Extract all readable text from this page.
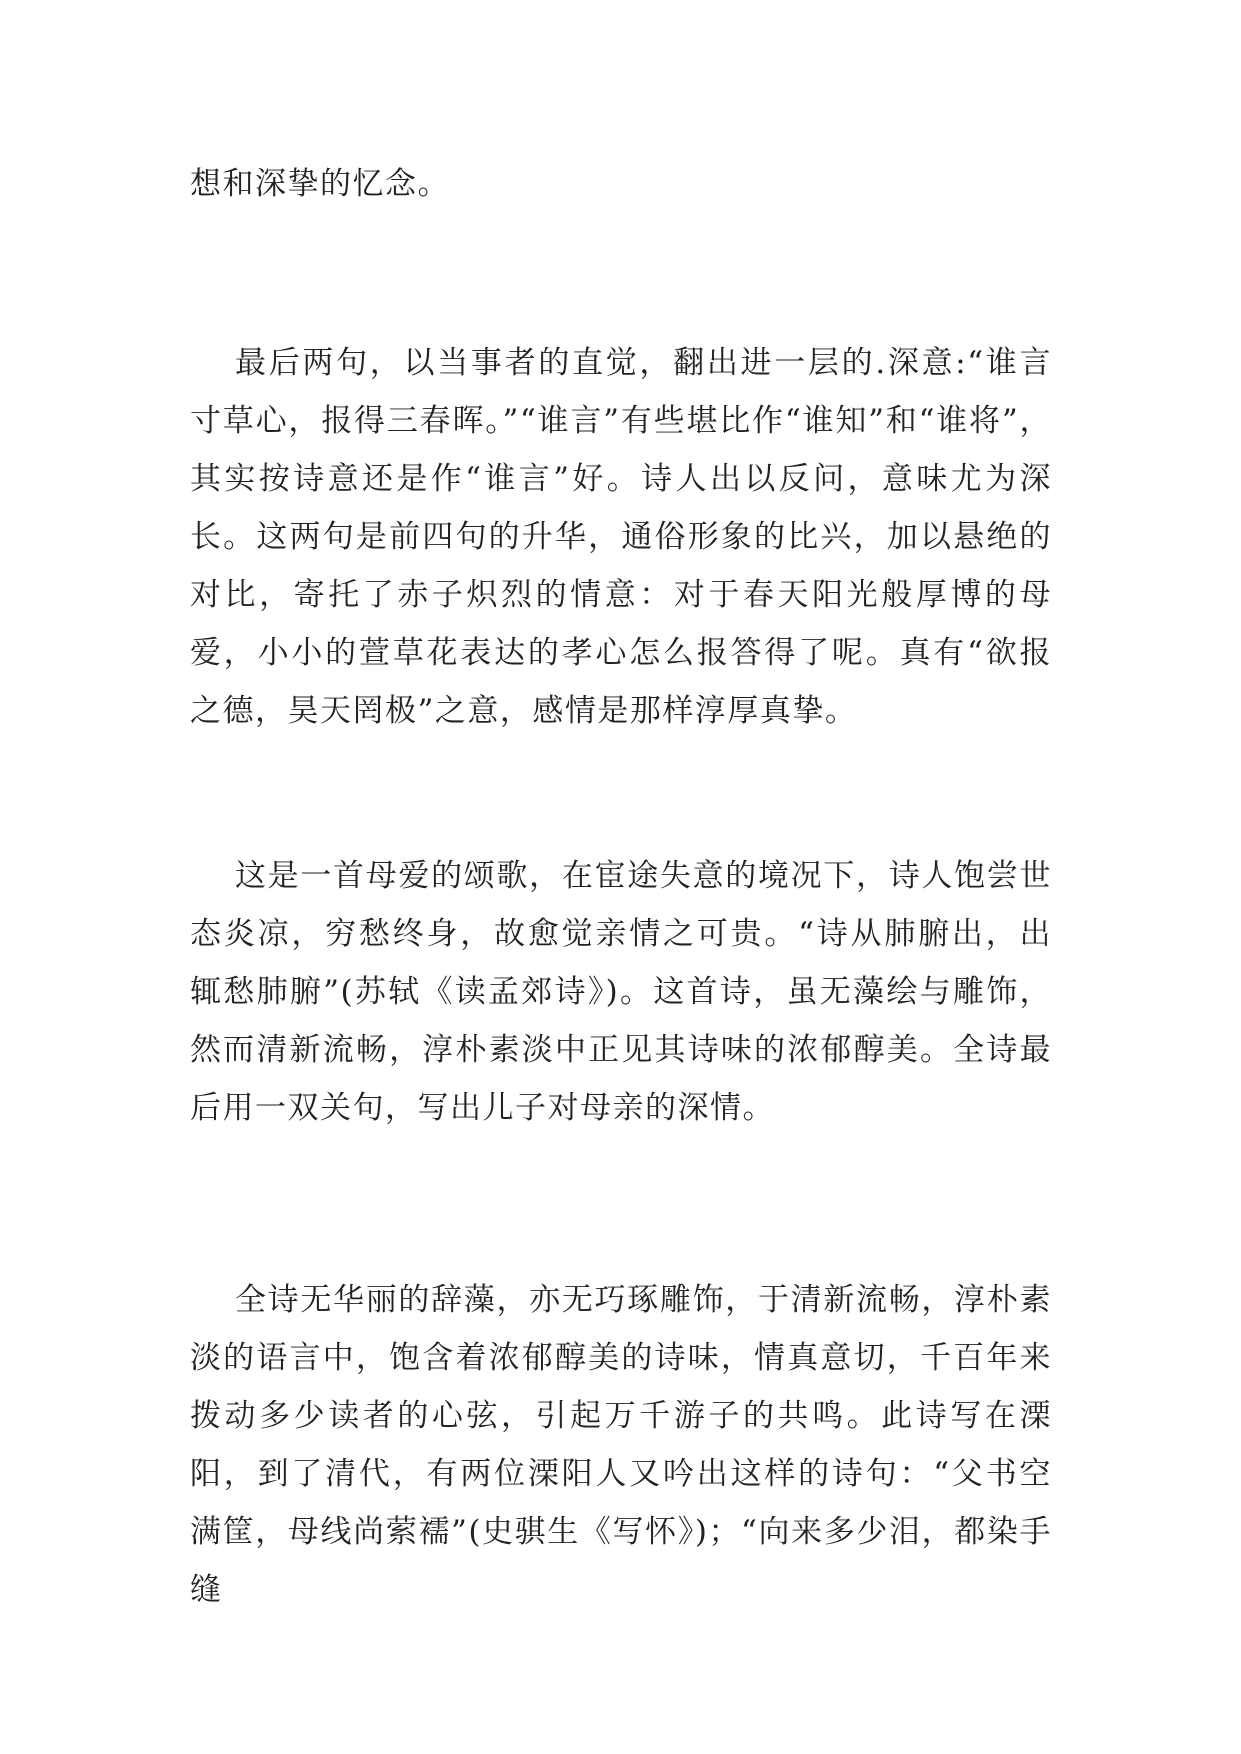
想和深挚的忆念。

最后两句，以当事者的直觉，翻出进一层的.深意:“谁言寸草心，报得三春晖。”“谁言”有些堪比作“谁知”和“谁将”，其实按诗意还是作“谁言”好。诗人出以反问，意味尤为深长。这两句是前四句的升华，通俗形象的比兴，加以悬绝的对比，寄托了赤子炽烈的情意：对于春天阳光般厚博的母爱，小小的萱草花表达的孝心怎么报答得了呢。真有“欲报之德，昊天罔极”之意，感情是那样淳厚真挚。

这是一首母爱的颂歌，在宦途失意的境况下，诗人饱尝世态炎凉，穷愁终身，故愈觉亲情之可贵。“诗从肺腑出，出辄愁肺腑”(苏轼《读孟郊诗》)。这首诗，虽无藻绘与雕饰，然而清新流畅，淳朴素淡中正见其诗味的浓郁醇美。全诗最后用一双关句，写出儿子对母亲的深情。

全诗无华丽的辞藻，亦无巧琢雕饰，于清新流畅，淳朴素淡的语言中，饱含着浓郁醇美的诗味，情真意切，千百年来拨动多少读者的心弦，引起万千游子的共鸣。此诗写在溧阳，到了清代，有两位溧阳人又吟出这样的诗句：“父书空满筐，母线尚萦襦”(史骐生《写怀》)；“向来多少泪，都染手缝
